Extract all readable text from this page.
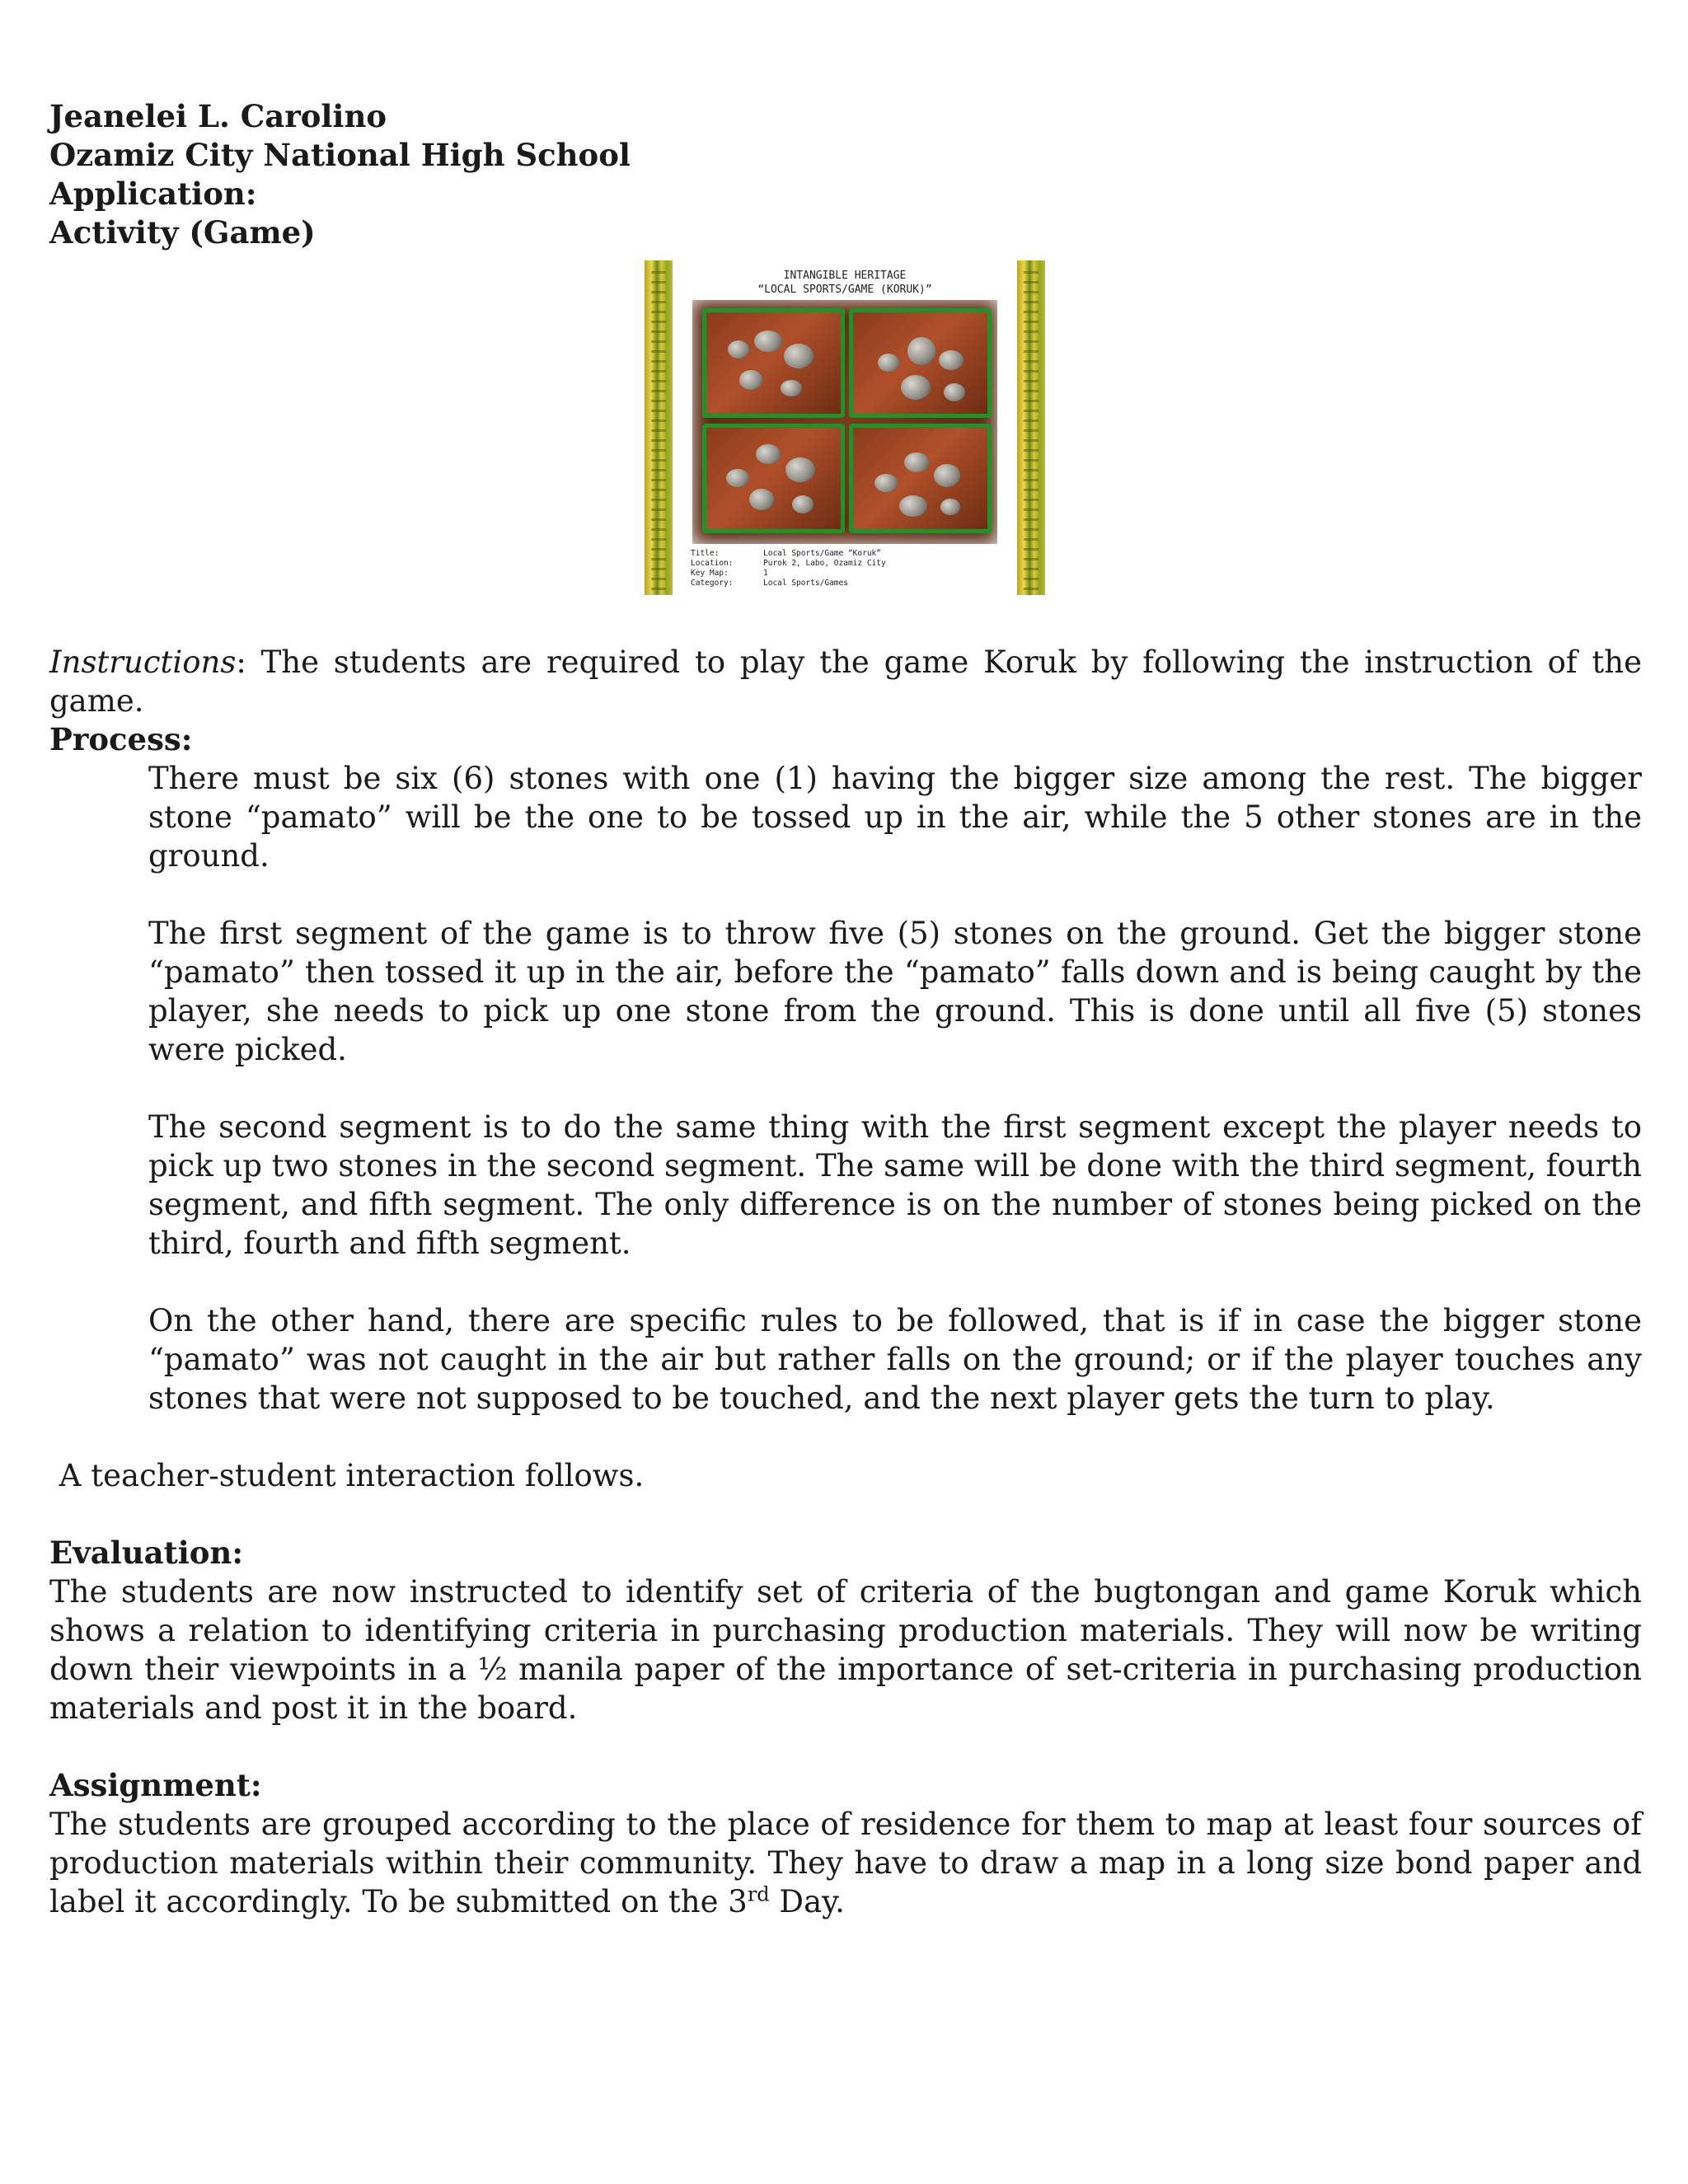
Jeanelei L. Carolino
Ozamiz City National High School
Application:
Activity (Game)
INTANGIBLE HERITAGE
“LOCAL SPORTS/GAME (KORUK)”
Title:	Local Sports/Game “Koruk”
Location:	Purok 2, Labo, Ozamiz City
Key Map:	1
Category:	Local Sports/Games
Instructions: The students are required to play the game Koruk by following the instruction of the game.
Process:
There must be six (6) stones with one (1) having the bigger size among the rest. The bigger stone “pamato” will be the one to be tossed up in the air, while the 5 other stones are in the ground.
The first segment of the game is to throw five (5) stones on the ground. Get the bigger stone “pamato” then tossed it up in the air, before the “pamato” falls down and is being caught by the player, she needs to pick up one stone from the ground. This is done until all five (5) stones were picked.
The second segment is to do the same thing with the first segment except the player needs to pick up two stones in the second segment. The same will be done with the third segment, fourth segment, and fifth segment. The only difference is on the number of stones being picked on the third, fourth and fifth segment.
On the other hand, there are specific rules to be followed, that is if in case the bigger stone “pamato” was not caught in the air but rather falls on the ground; or if the player touches any stones that were not supposed to be touched, and the next player gets the turn to play.
A teacher-student interaction follows.
Evaluation:
The students are now instructed to identify set of criteria of the bugtongan and game Koruk which shows a relation to identifying criteria in purchasing production materials. They will now be writing down their viewpoints in a ½ manila paper of the importance of set-criteria in purchasing production materials and post it in the board.
Assignment:
The students are grouped according to the place of residence for them to map at least four sources of production materials within their community. They have to draw a map in a long size bond paper and label it accordingly. To be submitted on the 3rd Day.
